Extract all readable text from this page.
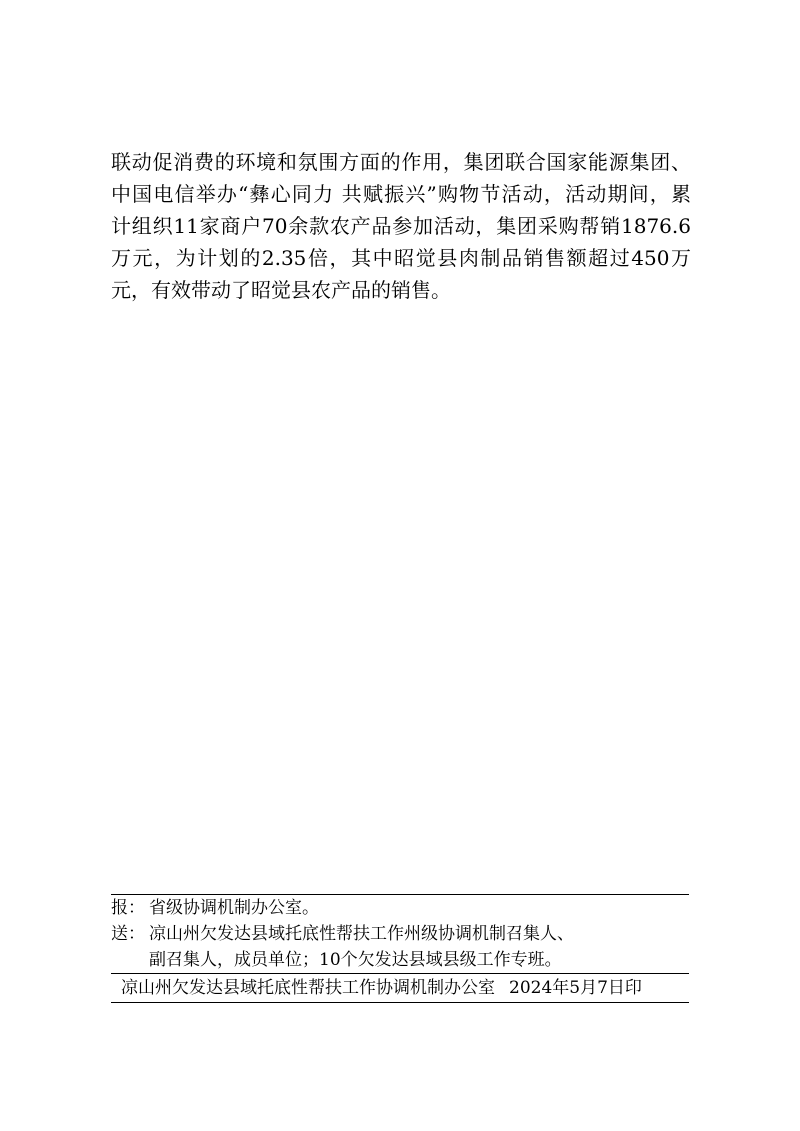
联动促消费的环境和氛围方面的作用，集团联合国家能源集团、
中国电信举办“彝心同力 共赋振兴”购物节活动，活动期间，累
计组织11家商户70余款农产品参加活动，集团采购帮销1876.6
万元，为计划的2.35倍，其中昭觉县肉制品销售额超过450万
元，有效带动了昭觉县农产品的销售。
报： 省级协调机制办公室。
送： 凉山州欠发达县域托底性帮扶工作州级协调机制召集人、
副召集人，成员单位；10个欠发达县域县级工作专班。
凉山州欠发达县域托底性帮扶工作协调机制办公室 2024年5月7日印
